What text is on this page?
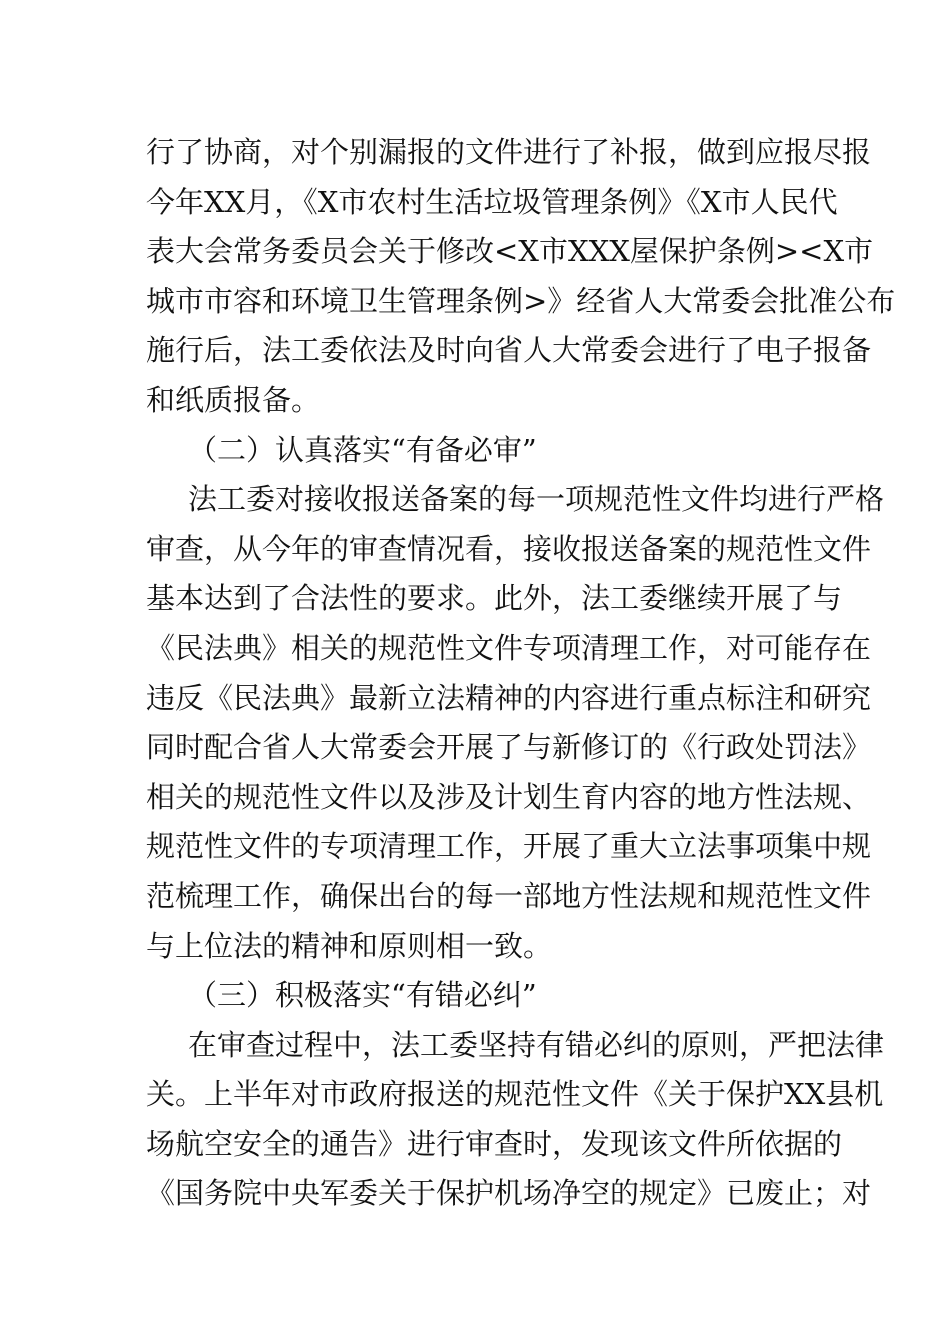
行了协商，对个别漏报的文件进行了补报，做到应报尽报
今年XX月，《X市农村生活垃圾管理条例》《X市人民代
表大会常务委员会关于修改<X市XXX屋保护条例><X市
城市市容和环境卫生管理条例>》经省人大常委会批准公布
施行后，法工委依法及时向省人大常委会进行了电子报备
和纸质报备。
（二）认真落实“有备必审”
法工委对接收报送备案的每一项规范性文件均进行严格
审查，从今年的审查情况看，接收报送备案的规范性文件
基本达到了合法性的要求。此外，法工委继续开展了与
《民法典》相关的规范性文件专项清理工作，对可能存在
违反《民法典》最新立法精神的内容进行重点标注和研究
同时配合省人大常委会开展了与新修订的《行政处罚法》
相关的规范性文件以及涉及计划生育内容的地方性法规、
规范性文件的专项清理工作，开展了重大立法事项集中规
范梳理工作，确保出台的每一部地方性法规和规范性文件
与上位法的精神和原则相一致。
（三）积极落实“有错必纠”
在审查过程中，法工委坚持有错必纠的原则，严把法律
关。上半年对市政府报送的规范性文件《关于保护XX县机
场航空安全的通告》进行审查时，发现该文件所依据的
《国务院中央军委关于保护机场净空的规定》已废止；对
